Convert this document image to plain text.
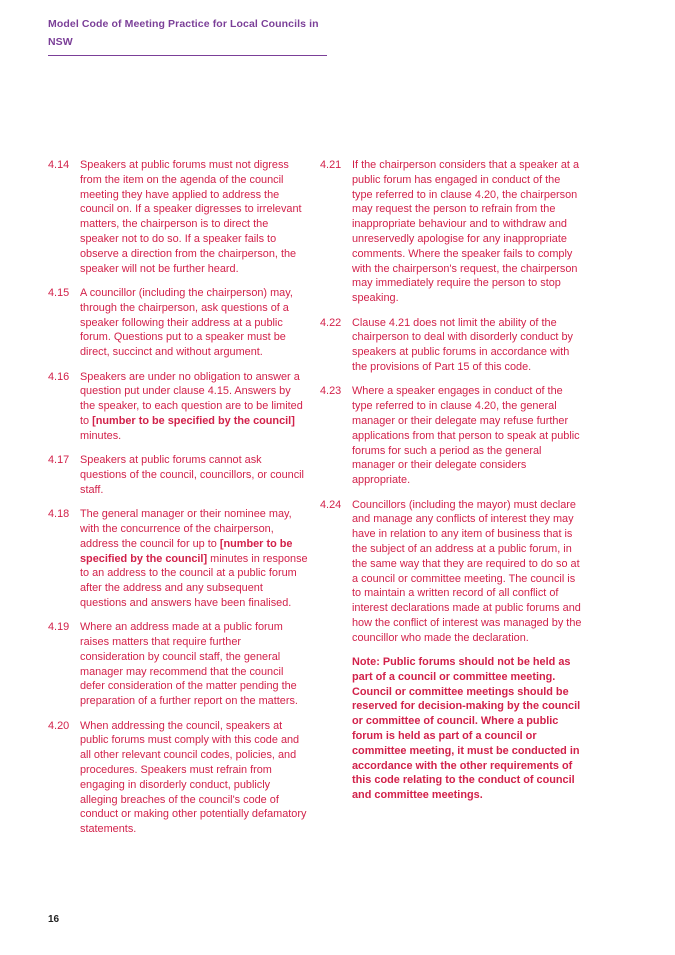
Model Code of Meeting Practice for Local Councils in NSW
4.14 Speakers at public forums must not digress from the item on the agenda of the council meeting they have applied to address the council on. If a speaker digresses to irrelevant matters, the chairperson is to direct the speaker not to do so. If a speaker fails to observe a direction from the chairperson, the speaker will not be further heard.
4.15 A councillor (including the chairperson) may, through the chairperson, ask questions of a speaker following their address at a public forum. Questions put to a speaker must be direct, succinct and without argument.
4.16 Speakers are under no obligation to answer a question put under clause 4.15. Answers by the speaker, to each question are to be limited to [number to be specified by the council] minutes.
4.17 Speakers at public forums cannot ask questions of the council, councillors, or council staff.
4.18 The general manager or their nominee may, with the concurrence of the chairperson, address the council for up to [number to be specified by the council] minutes in response to an address to the council at a public forum after the address and any subsequent questions and answers have been finalised.
4.19 Where an address made at a public forum raises matters that require further consideration by council staff, the general manager may recommend that the council defer consideration of the matter pending the preparation of a further report on the matters.
4.20 When addressing the council, speakers at public forums must comply with this code and all other relevant council codes, policies, and procedures. Speakers must refrain from engaging in disorderly conduct, publicly alleging breaches of the council's code of conduct or making other potentially defamatory statements.
4.21 If the chairperson considers that a speaker at a public forum has engaged in conduct of the type referred to in clause 4.20, the chairperson may request the person to refrain from the inappropriate behaviour and to withdraw and unreservedly apologise for any inappropriate comments. Where the speaker fails to comply with the chairperson's request, the chairperson may immediately require the person to stop speaking.
4.22 Clause 4.21 does not limit the ability of the chairperson to deal with disorderly conduct by speakers at public forums in accordance with the provisions of Part 15 of this code.
4.23 Where a speaker engages in conduct of the type referred to in clause 4.20, the general manager or their delegate may refuse further applications from that person to speak at public forums for such a period as the general manager or their delegate considers appropriate.
4.24 Councillors (including the mayor) must declare and manage any conflicts of interest they may have in relation to any item of business that is the subject of an address at a public forum, in the same way that they are required to do so at a council or committee meeting. The council is to maintain a written record of all conflict of interest declarations made at public forums and how the conflict of interest was managed by the councillor who made the declaration.
Note: Public forums should not be held as part of a council or committee meeting. Council or committee meetings should be reserved for decision-making by the council or committee of council. Where a public forum is held as part of a council or committee meeting, it must be conducted in accordance with the other requirements of this code relating to the conduct of council and committee meetings.
16
